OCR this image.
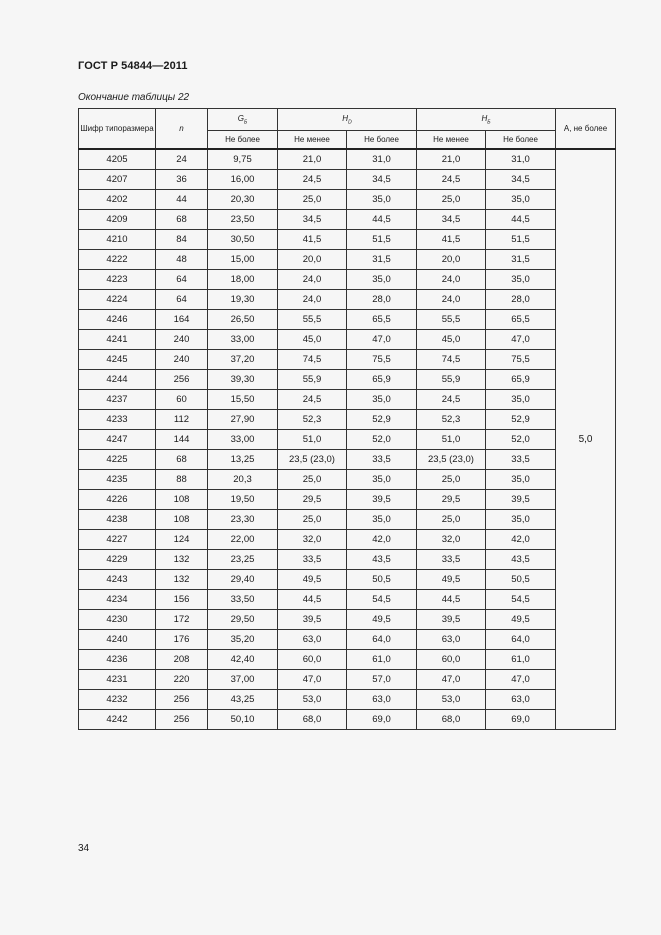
ГОСТ Р 54844—2011
Окончание таблицы 22
Шифр типоразмера	n	$G_Б$	$H_D$		$H_Б$		A, не более
		Не более	Не менее	Не более	Не менее	Не более	
4205	24	9,75	21,0	31,0	21,0	31,0	5,0
4207	36	16,00	24,5	34,5	24,5	34,5	
4202	44	20,30	25,0	35,0	25,0	35,0	
4209	68	23,50	34,5	44,5	34,5	44,5	
4210	84	30,50	41,5	51,5	41,5	51,5	
4222	48	15,00	20,0	31,5	20,0	31,5	
4223	64	18,00	24,0	35,0	24,0	35,0	
4224	64	19,30	24,0	28,0	24,0	28,0	
4246	164	26,50	55,5	65,5	55,5	65,5	
4241	240	33,00	45,0	47,0	45,0	47,0	
4245	240	37,20	74,5	75,5	74,5	75,5	
4244	256	39,30	55,9	65,9	55,9	65,9	
4237	60	15,50	24,5	35,0	24,5	35,0	
4233	112	27,90	52,3	52,9	52,3	52,9	
4247	144	33,00	51,0	52,0	51,0	52,0	
4225	68	13,25	23,5 (23,0)	33,5	23,5 (23,0)	33,5	
4235	88	20,3	25,0	35,0	25,0	35,0	
4226	108	19,50	29,5	39,5	29,5	39,5	
4238	108	23,30	25,0	35,0	25,0	35,0	
4227	124	22,00	32,0	42,0	32,0	42,0	
4229	132	23,25	33,5	43,5	33,5	43,5	
4243	132	29,40	49,5	50,5	49,5	50,5	
4234	156	33,50	44,5	54,5	44,5	54,5	
4230	172	29,50	39,5	49,5	39,5	49,5	
4240	176	35,20	63,0	64,0	63,0	64,0	
4236	208	42,40	60,0	61,0	60,0	61,0	
4231	220	37,00	47,0	57,0	47,0	47,0	
4232	256	43,25	53,0	63,0	53,0	63,0	
4242	256	50,10	68,0	69,0	68,0	69,0	
34
